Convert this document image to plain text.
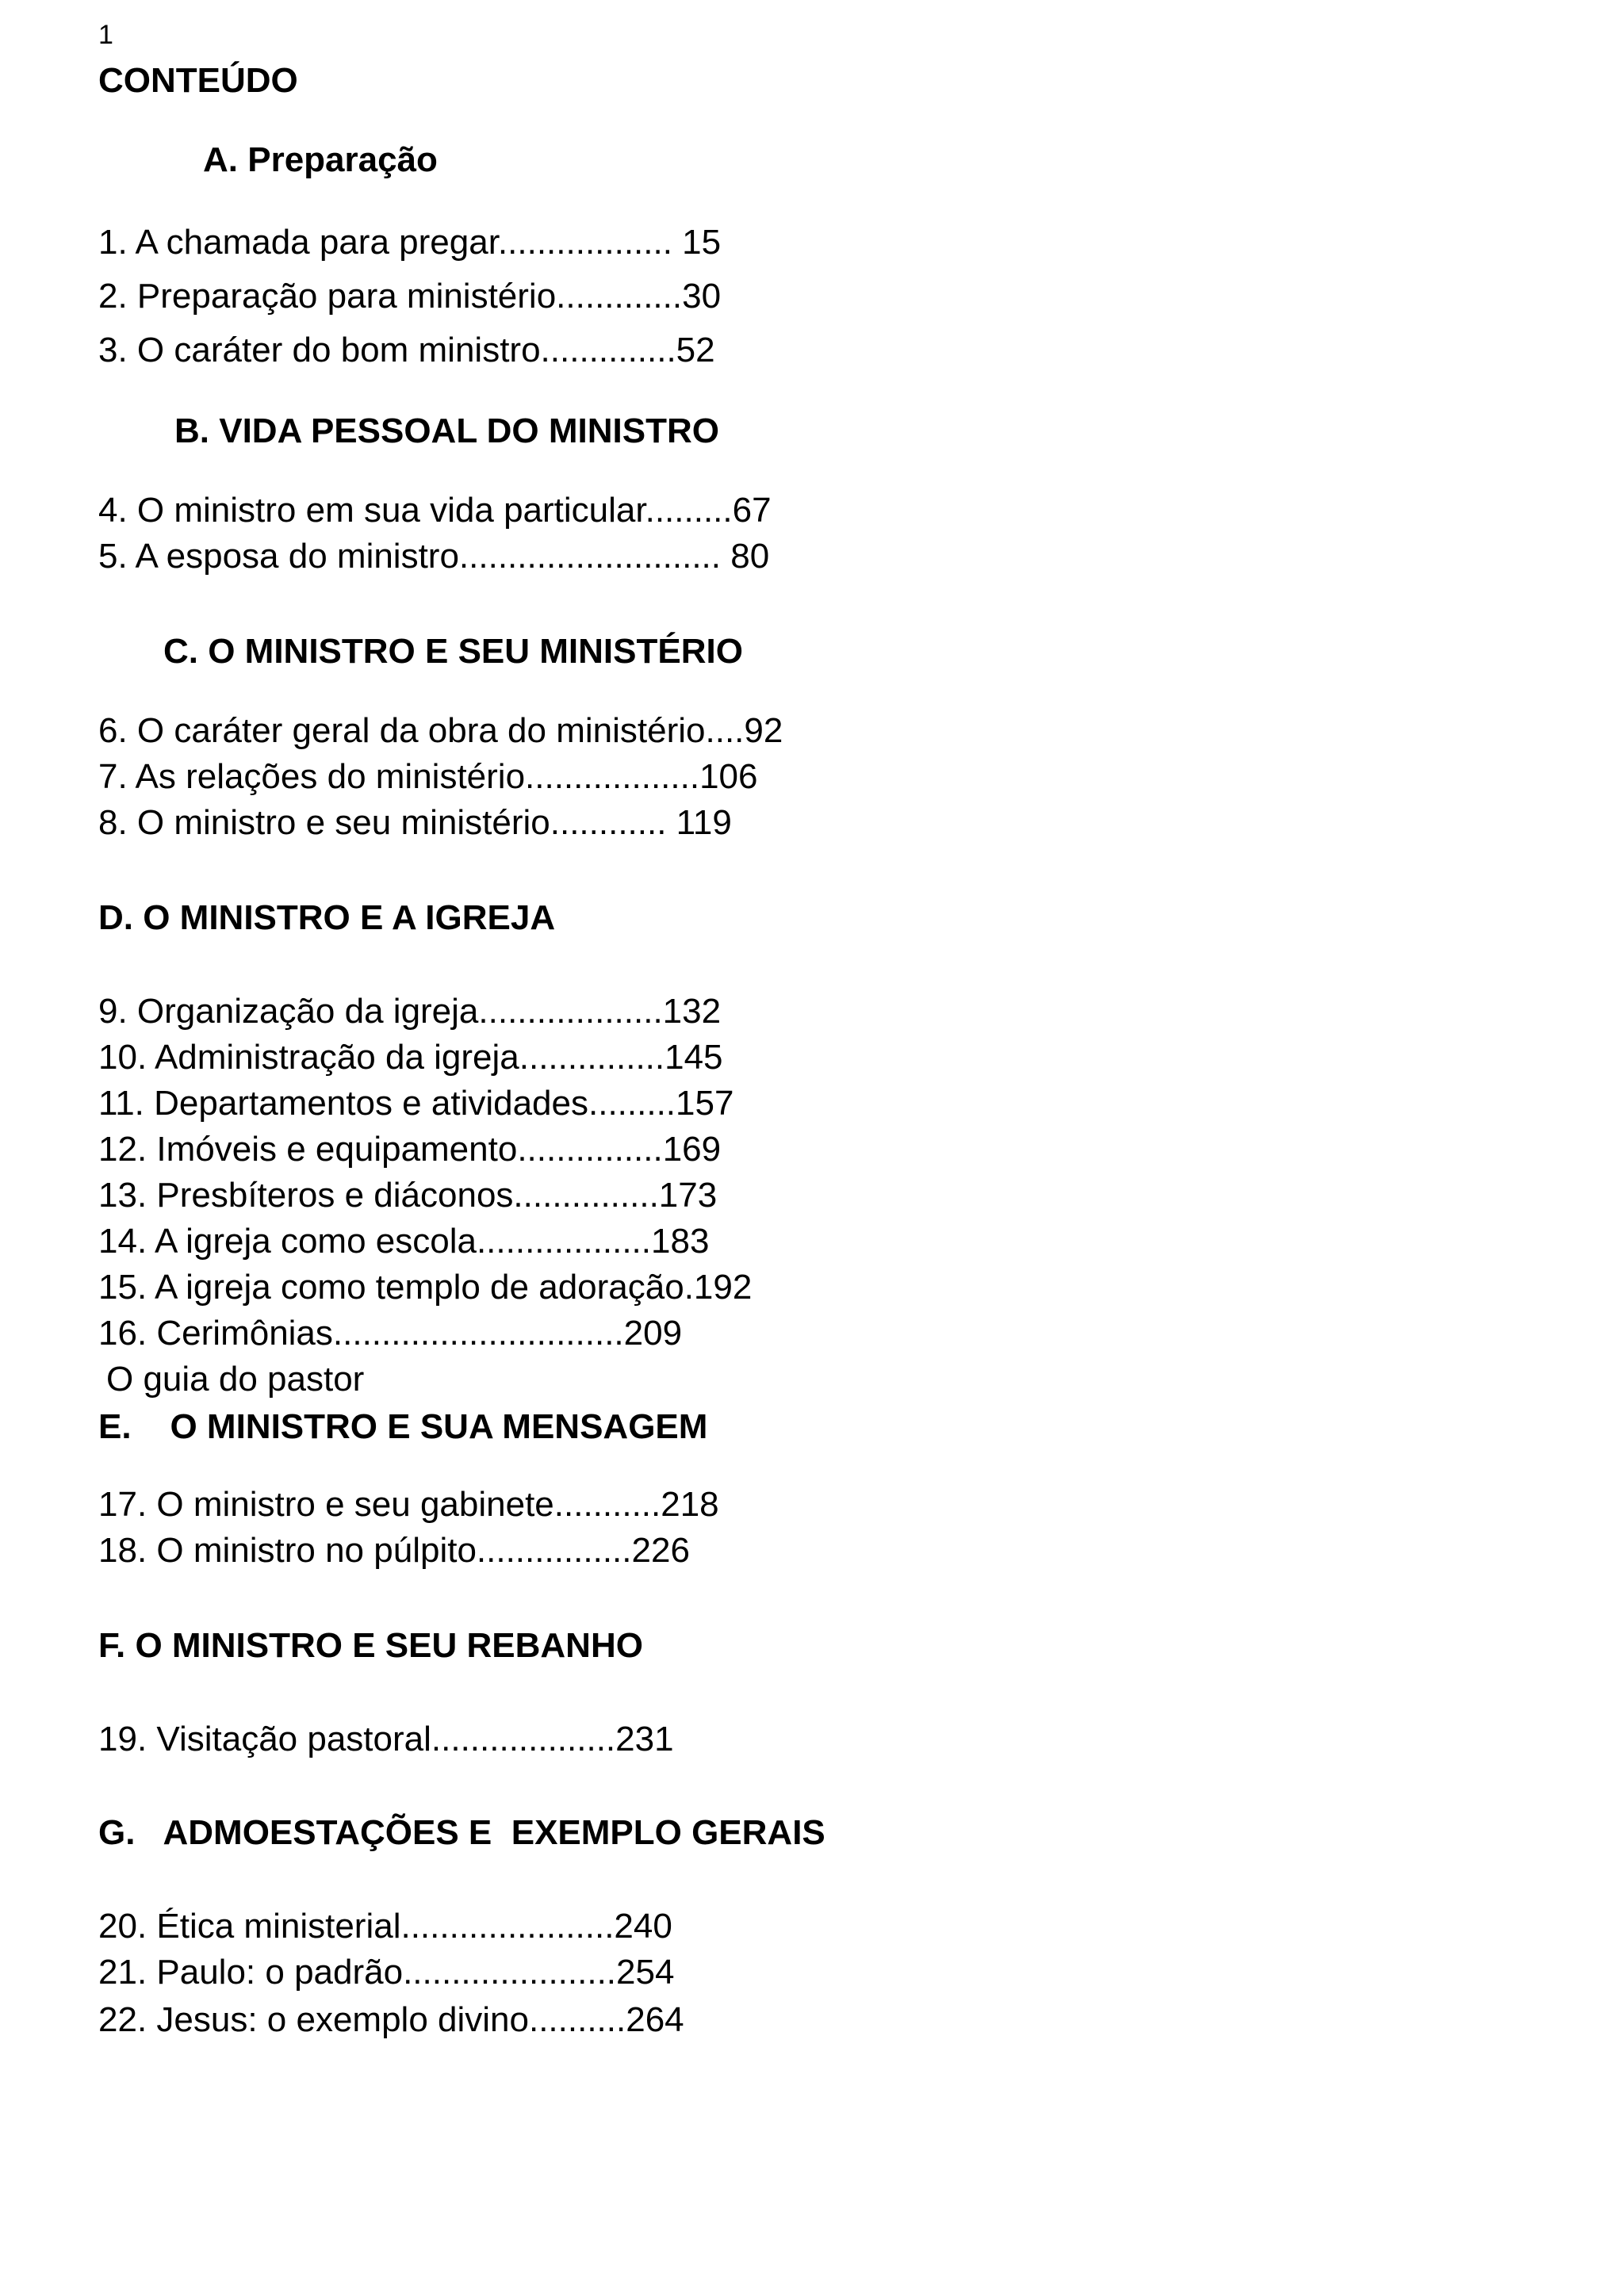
1
CONTEÚDO
A. Preparação
1. A chamada para pregar.................. 15
2. Preparação para ministério.............30
3. O caráter do bom ministro..............52
B. VIDA PESSOAL DO MINISTRO
4. O ministro em sua vida particular.........67
5. A esposa do ministro........................... 80
C. O MINISTRO E SEU MINISTÉRIO
6. O caráter geral da obra do ministério....92
7. As relações do ministério..................106
8. O ministro e seu ministério............ 119
D. O MINISTRO E A IGREJA
9. Organização da igreja...................132
10. Administração da igreja...............145
11. Departamentos e atividades.........157
12. Imóveis e equipamento...............169
13. Presbíteros e diáconos...............173
14. A igreja como escola..................183
15. A igreja como templo de adoração.192
16. Cerimônias..............................209
O guia do pastor
E.    O MINISTRO E SUA MENSAGEM
17. O ministro e seu gabinete...........218
18. O ministro no púlpito................226
F. O MINISTRO E SEU REBANHO
19. Visitação pastoral...................231
G.   ADMOESTAÇÕES E  EXEMPLO GERAIS
20. Ética ministerial......................240
21. Paulo: o padrão......................254
22. Jesus: o exemplo divino..........264
